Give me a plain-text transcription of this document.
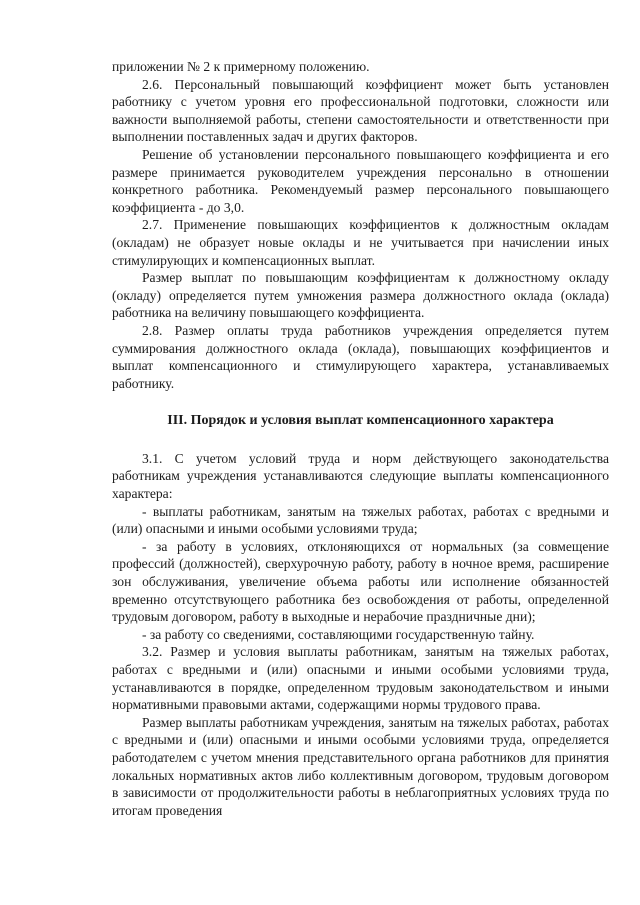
приложении № 2 к примерному положению.

2.6. Персональный повышающий коэффициент может быть установлен работнику с учетом уровня его профессиональной подготовки, сложности или важности выполняемой работы, степени самостоятельности и ответственности при выполнении поставленных задач и других факторов.

Решение об установлении персонального повышающего коэффициента и его размере принимается руководителем учреждения персонально в отношении конкретного работника. Рекомендуемый размер персонального повышающего коэффициента - до 3,0.

2.7. Применение повышающих коэффициентов к должностным окладам (окладам) не образует новые оклады и не учитывается при начислении иных стимулирующих и компенсационных выплат.

Размер выплат по повышающим коэффициентам к должностному окладу (окладу) определяется путем умножения размера должностного оклада (оклада) работника на величину повышающего коэффициента.

2.8. Размер оплаты труда работников учреждения определяется путем суммирования должностного оклада (оклада), повышающих коэффициентов и выплат компенсационного и стимулирующего характера, устанавливаемых работнику.

III. Порядок и условия выплат компенсационного характера

3.1. С учетом условий труда и норм действующего законодательства работникам учреждения устанавливаются следующие выплаты компенсационного характера:

- выплаты работникам, занятым на тяжелых работах, работах с вредными и (или) опасными и иными особыми условиями труда;

- за работу в условиях, отклоняющихся от нормальных (за совмещение профессий (должностей), сверхурочную работу, работу в ночное время, расширение зон обслуживания, увеличение объема работы или исполнение обязанностей временно отсутствующего работника без освобождения от работы, определенной трудовым договором, работу в выходные и нерабочие праздничные дни);

- за работу со сведениями, составляющими государственную тайну.

3.2. Размер и условия выплаты работникам, занятым на тяжелых работах, работах с вредными и (или) опасными и иными особыми условиями труда, устанавливаются в порядке, определенном трудовым законодательством и иными нормативными правовыми актами, содержащими нормы трудового права.

Размер выплаты работникам учреждения, занятым на тяжелых работах, работах с вредными и (или) опасными и иными особыми условиями труда, определяется работодателем с учетом мнения представительного органа работников для принятия локальных нормативных актов либо коллективным договором, трудовым договором в зависимости от продолжительности работы в неблагоприятных условиях труда по итогам проведения
